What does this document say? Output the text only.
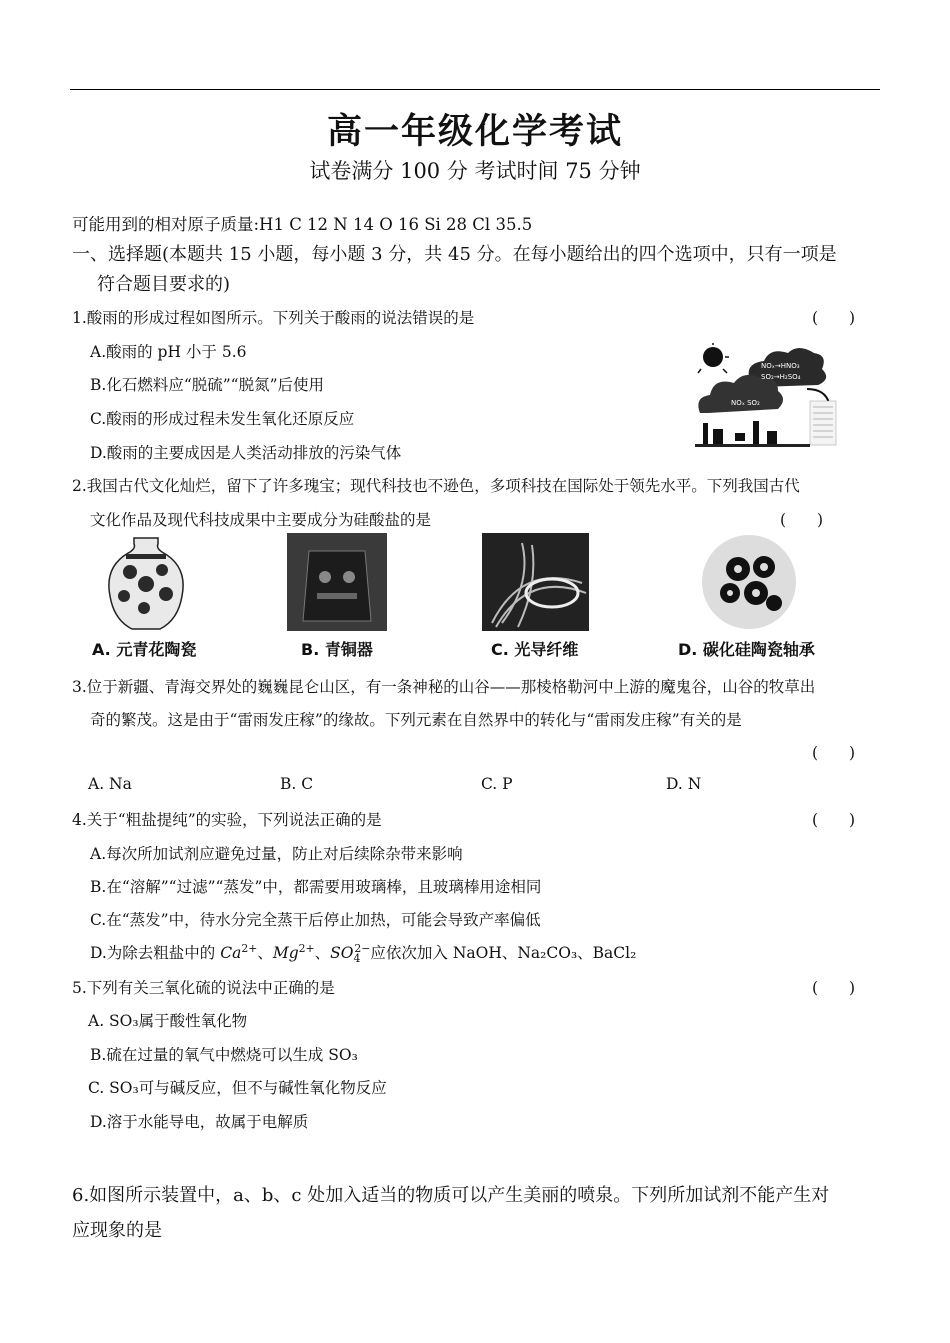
高一年级化学考试
试卷满分 100 分 考试时间 75 分钟
可能用到的相对原子质量:H1 C 12 N 14 O 16 Si 28 Cl 35.5
一、选择题(本题共 15 小题，每小题 3 分，共 45 分。在每小题给出的四个选项中，只有一项是
符合题目要求的)
1.酸雨的形成过程如图所示。下列关于酸雨的说法错误的是	(　　)
A.酸雨的 pH 小于 5.6
B.化石燃料应“脱硫”“脱氮”后使用
C.酸雨的形成过程未发生氧化还原反应
D.酸雨的主要成因是人类活动排放的污染气体
NOₓ→HNO₃
SO₂→H₂SO₄
NOₓ SO₂
2.我国古代文化灿烂，留下了许多瑰宝；现代科技也不逊色，多项科技在国际处于领先水平。下列我国古代
文化作品及现代科技成果中主要成分为硅酸盐的是	(　　)
A. 元青花陶瓷	B. 青铜器	C. 光导纤维	D. 碳化硅陶瓷轴承
3.位于新疆、青海交界处的巍巍昆仑山区，有一条神秘的山谷——那棱格勒河中上游的魔鬼谷，山谷的牧草出
奇的繁茂。这是由于“雷雨发庄稼”的缘故。下列元素在自然界中的转化与“雷雨发庄稼”有关的是
(　　)
A. Na	B. C	C. P	D. N
4.关于“粗盐提纯”的实验，下列说法正确的是	(　　)
A.每次所加试剂应避免过量，防止对后续除杂带来影响
B.在“溶解”“过滤”“蒸发”中，都需要用玻璃棒，且玻璃棒用途相同
C.在“蒸发”中，待水分完全蒸干后停止加热，可能会导致产率偏低
D.为除去粗盐中的 $Ca^{2+}$、$Mg^{2+}$、$SO_4^{2-}$应依次加入 NaOH、Na₂CO₃、BaCl₂
5.下列有关三氧化硫的说法中正确的是	(　　)
A. SO₃属于酸性氧化物
B.硫在过量的氧气中燃烧可以生成 SO₃
C. SO₃可与碱反应，但不与碱性氧化物反应
D.溶于水能导电，故属于电解质
6.如图所示装置中，a、b、c 处加入适当的物质可以产生美丽的喷泉。下列所加试剂不能产生对
应现象的是
